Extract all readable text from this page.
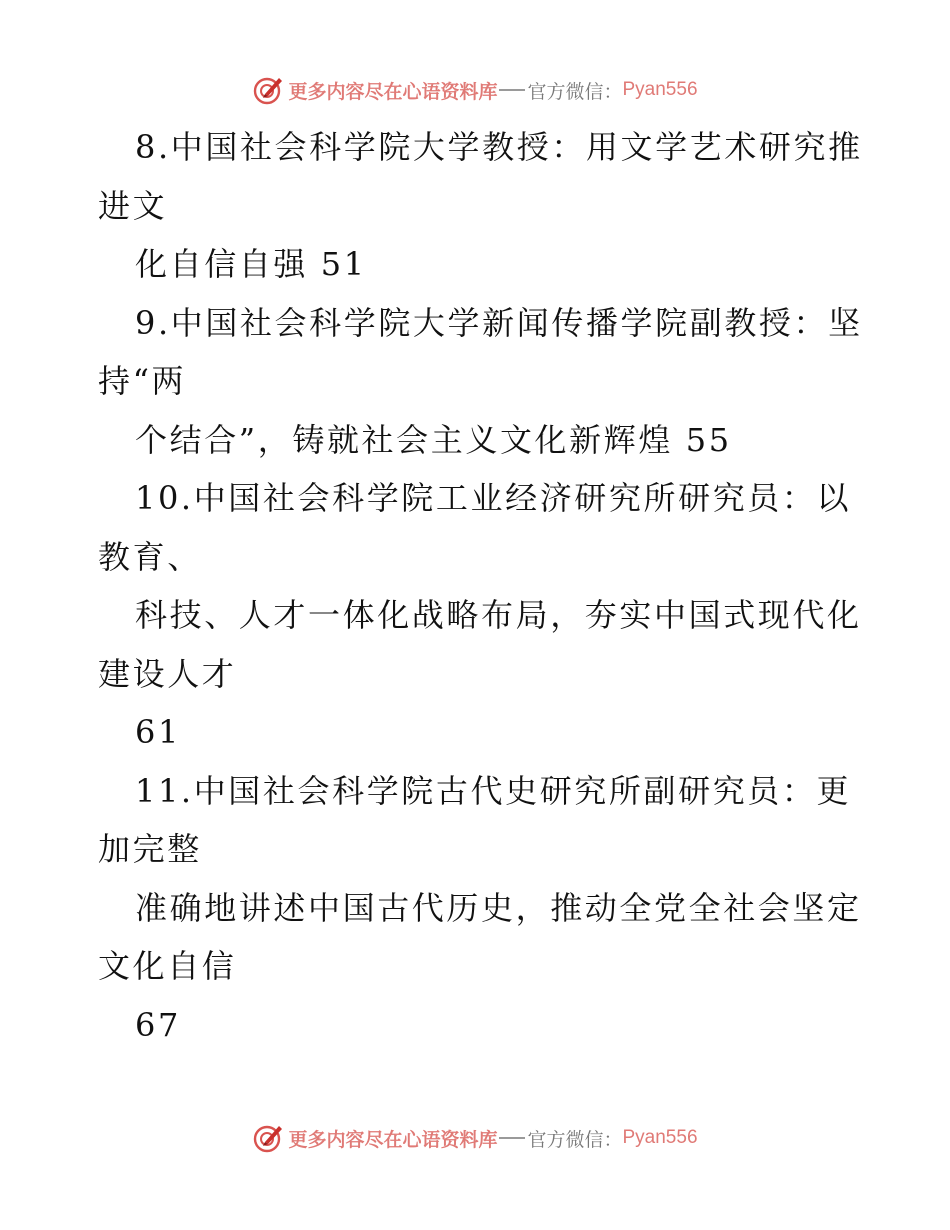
更多内容尽在心语资料库 官方微信： Pyan556
8.中国社会科学院大学教授：用文学艺术研究推
进文
化自信自强 51
9.中国社会科学院大学新闻传播学院副教授：坚
持“两
个结合”，铸就社会主义文化新辉煌 55
10.中国社会科学院工业经济研究所研究员：以
教育、
科技、人才一体化战略布局，夯实中国式现代化
建设人才
61
11.中国社会科学院古代史研究所副研究员：更
加完整
准确地讲述中国古代历史，推动全党全社会坚定
文化自信
67
更多内容尽在心语资料库 官方微信： Pyan556
